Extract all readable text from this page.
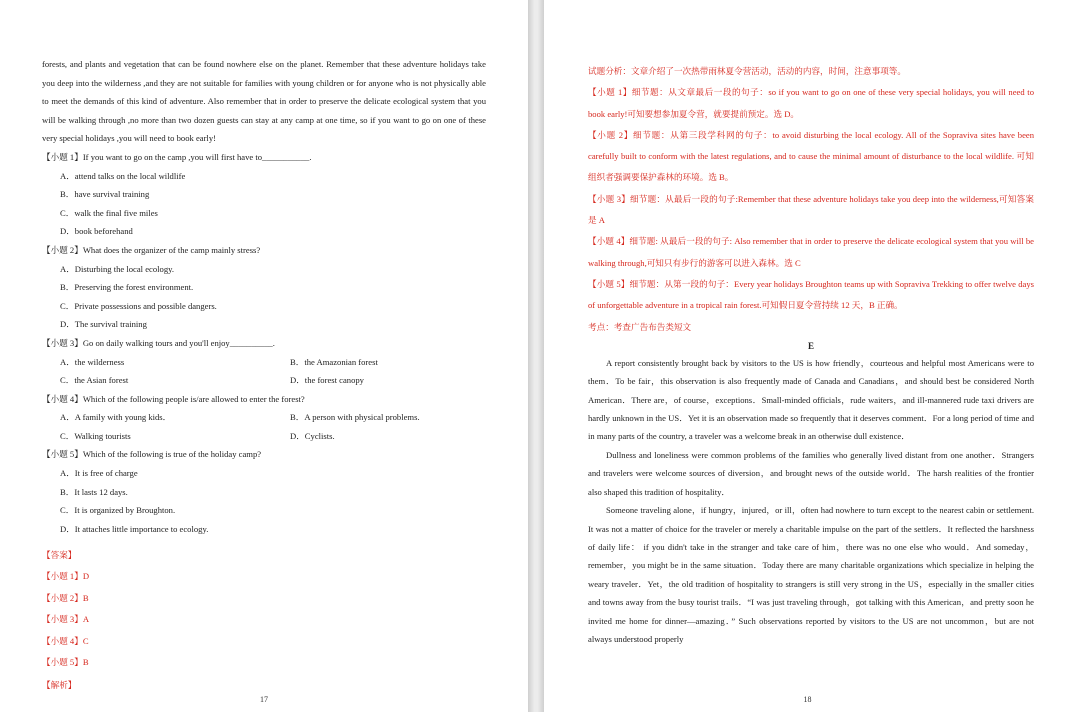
forests, and plants and vegetation that can be found nowhere else on the planet. Remember that these adventure holidays take you deep into the wilderness ,and they are not suitable for families with young children or for anyone who is not physically able to meet the demands of this kind of adventure. Also remember that in order to preserve the delicate ecological system that you will be walking through ,no more than two dozen guests can stay at any camp at one time, so if you want to go on one of these very special holidays ,you will need to book early!

【小题 1】If you want to go on the camp ,you will first have to___________.

A．attend talks on the local wildlife

B．have survival training

C．walk the final five miles

D．book beforehand

【小题 2】What does the organizer of the camp mainly stress?

A．Disturbing the local ecology.

B．Preserving the forest environment.

C．Private possessions and possible dangers.

D．The survival training

【小题 3】Go on daily walking tours and you'll enjoy__________.

A．the wilderness	B．the Amazonian forest
C．the Asian forest	D．the forest canopy

【小题 4】Which of the following people is/are allowed to enter the forest?

A．A family with young kids．	B．A person with physical problems.
C．Walking tourists	D．Cyclists.

【小题 5】Which of the following is true of the holiday camp?

A．It is free of charge

B．It lasts 12 days.

C．It is organized by Broughton.

D．It attaches little importance to ecology.

【答案】

【小题 1】D

【小题 2】B

【小题 3】A

【小题 4】C

【小题 5】B

【解析】

17

试题分析：文章介绍了一次热带雨林夏令营活动，活动的内容，时间，注意事项等。

【小题 1】细节题：从文章最后一段的句子：so if you want to go on one of these very special holidays, you will need to book early!可知要想参加夏令营，就要提前预定。选 D。

【小题 2】细节题：从第三段学科网的句子：to avoid disturbing the local ecology. All of the Sopraviva sites have been carefully built to conform with the latest regulations, and to cause the minimal amount of disturbance to the local wildlife. 可知组织者强调要保护森林的环境。选 B。

【小题 3】细节题：从最后一段的句子:Remember that these adventure holidays take you deep into the wilderness,可知答案是 A

【小题 4】细节题: 从最后一段的句子: Also remember that in order to preserve the delicate ecological system that you will be walking through,可知只有步行的游客可以进入森林。选 C

【小题 5】细节题：从第一段的句子：Every year holidays Broughton teams up with Sopraviva Trekking to offer twelve days of unforgettable adventure in a tropical rain forest.可知假日夏令营持续 12 天，B 正确。

考点：考查广告布告类短文

E

A report consistently brought back by visitors to the US is how friendly，courteous and helpful most Americans were to them．To be fair，this observation is also frequently made of Canada and Canadians，and should best be considered North American．There are，of course，exceptions．Small-minded officials，rude waiters，and ill-mannered rude taxi drivers are hardly unknown in the US．Yet it is an observation made so frequently that it deserves comment．For a long period of time and in many parts of the country, a traveler was a welcome break in an otherwise dull existence．

Dullness and loneliness were common problems of the families who generally lived distant from one another．Strangers and travelers were welcome sources of diversion，and brought news of the outside world．The harsh realities of the frontier also shaped this tradition of hospitality．

Someone traveling alone，if hungry，injured，or ill，often had nowhere to turn except to the nearest cabin or settlement. It was not a matter of choice for the traveler or merely a charitable impulse on the part of the settlers．It reflected the harshness of daily life： if you didn't take in the stranger and take care of him，there was no one else who would．And someday，remember，you might be in the same situation．Today there are many charitable organizations which specialize in helping the weary traveler．Yet，the old tradition of hospitality to strangers is still very strong in the US，especially in the smaller cities and towns away from the busy tourist trails．“I was just traveling through，got talking with this American，and pretty soon he invited me home for dinner—amazing．” Such observations reported by visitors to the US are not uncommon，but are not always understood properly

18
